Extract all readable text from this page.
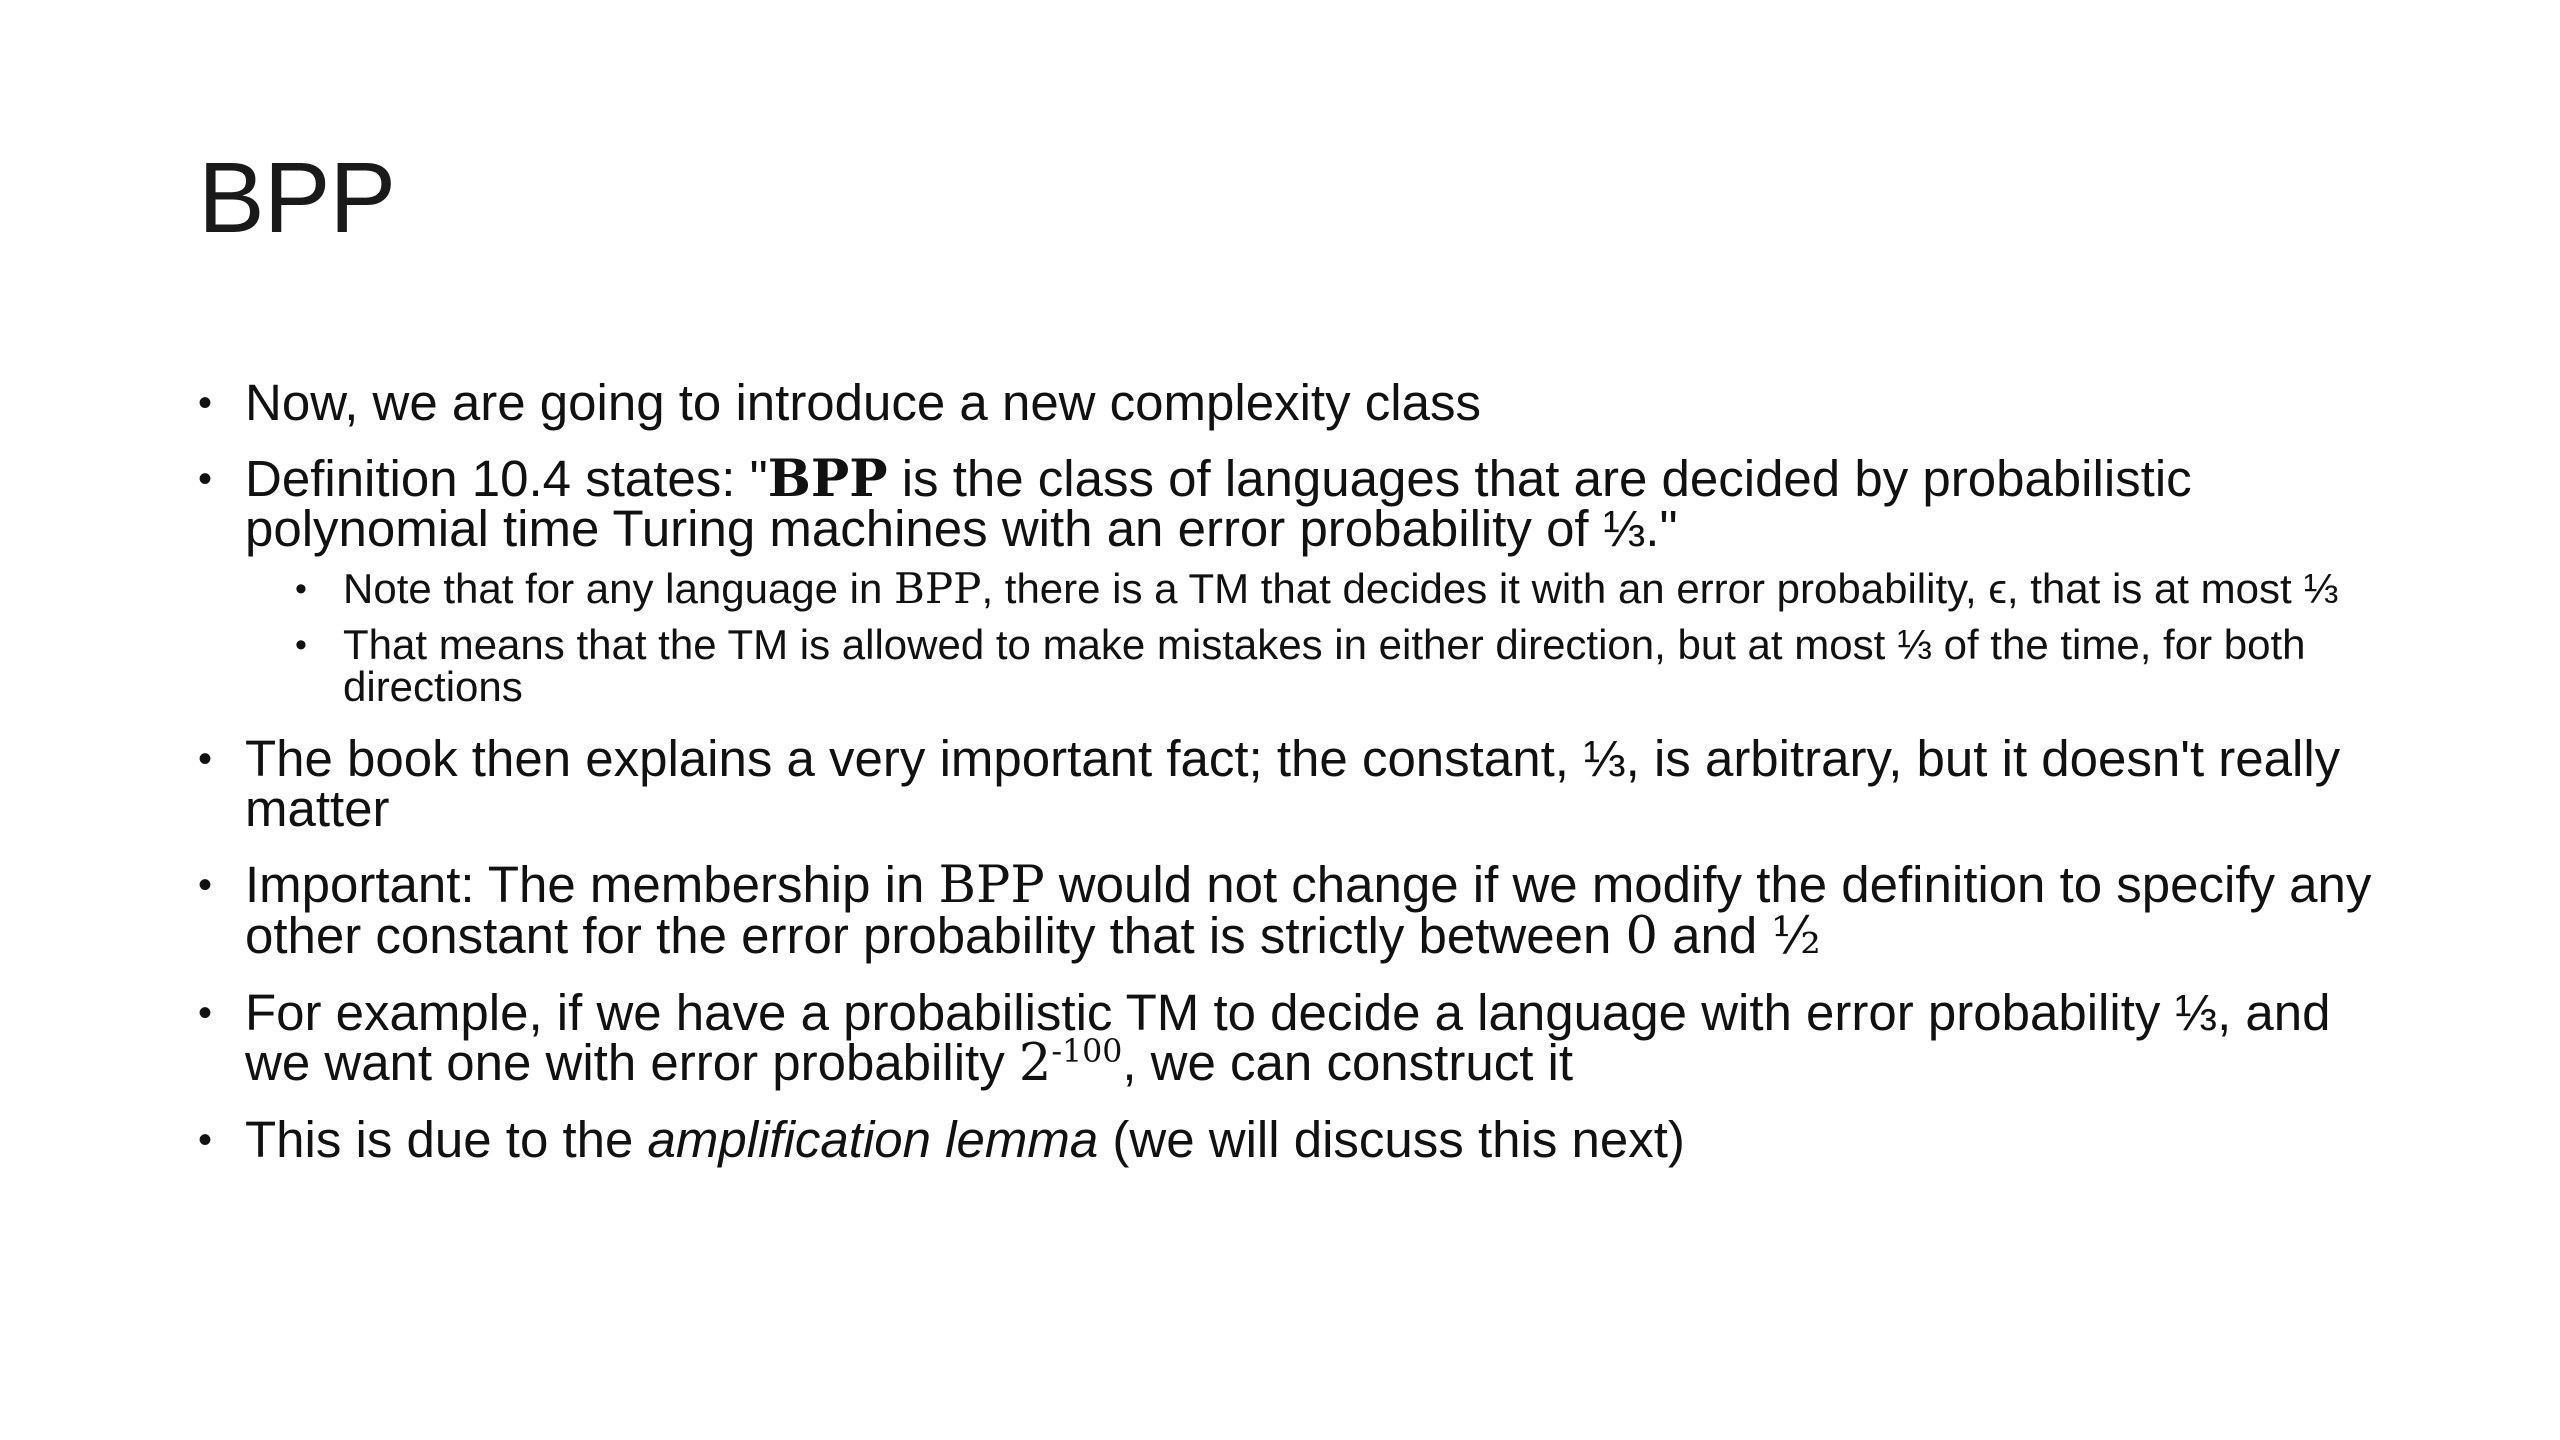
BPP
• Now, we are going to introduce a new complexity class
• Definition 10.4 states: "BPP is the class of languages that are decided by probabilistic polynomial time Turing machines with an error probability of ⅓."
• Note that for any language in BPP, there is a TM that decides it with an error probability, ϵ, that is at most ⅓
• That means that the TM is allowed to make mistakes in either direction, but at most ⅓ of the time, for both directions
• The book then explains a very important fact; the constant, ⅓, is arbitrary, but it doesn't really matter
• Important: The membership in BPP would not change if we modify the definition to specify any other constant for the error probability that is strictly between 0 and ½
• For example, if we have a probabilistic TM to decide a language with error probability ⅓, and we want one with error probability $2^{-100}$, we can construct it
• This is due to the amplification lemma (we will discuss this next)
